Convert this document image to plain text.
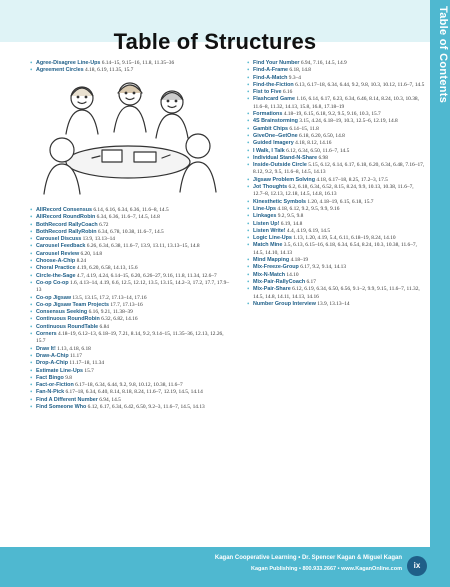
Table of Structures	Table of Contents
• Agree-Disagree Line-Ups 6.14–15, 9.15–16, 11.8, 11.35–36
• Agreement Circles 4.18, 6.19, 11.35, 15.7
• AllRecord Consensus 6.14, 6.16, 6.34, 6.36, 11.6–8, 14.5
• AllRecord RoundRobin 6.34, 6.36, 11.6–7, 14.5, 14.8
• BothRecord RallyCoach 6.72
• BothRecord RallyRobin 6.34, 6.78, 10.38, 11.6–7, 14.5
• Carousel Discuss 13.9, 13.13–14
• Carousel Feedback 6.26, 6.34, 6.38, 11.6–7, 13.9, 13.11, 13.13–15, 14.8
• Carousel Review 6.20, 14.8
• Choose-A-Chip 8.24
• Choral Practice 4.19, 6.20, 6.58, 14.13, 15.6
• Circle-the-Sage 4.7, 4.19, 4.24, 6.14–15, 6.20, 6.26–27, 9.16, 11.8, 11.34, 12.6–7
• Co-op Co-op 1.6, 4.13–14, 4.19, 6.6, 12.5, 12.12, 13.5, 13.15, 14.2–3, 17.2, 17.7, 17.9–13
• Co-op Jigsaw 13.5, 13.15, 17.2, 17.13–14, 17.16
• Co-op Jigsaw Team Projects 17.7, 17.13–16
• Consensus Seeking 6.16, 9.21, 11.38–39
• Continuous RoundRobin 6.32, 6.82, 14.16
• Continuous RoundTable 6.84
• Corners 4.18–19, 6.12–13, 6.18–19, 7.21, 8.14, 9.2, 9.14–15, 11.35–36, 12.13, 12.26, 15.7
• Draw It! 1.13, 4.18, 6.18
• Draw-A-Chip 11.17
• Drop-A-Chip 11.17–18, 11.34
• Estimate Line-Ups 15.7
• Fact Bingo 9.8
• Fact-or-Fiction 6.17–18, 6.34, 6.44, 9.2, 9.8, 10.12, 10.38, 11.6–7
• Fan-N-Pick 6.17–18, 6.34, 6.40, 8.14, 8.18, 8.24, 11.6–7, 12.19, 14.5, 14.14
• Find A Different Number 6.94, 14.5
• Find Someone Who 6.12, 6.17, 6.34, 6.42, 6.50, 9.2–3, 11.6–7, 14.5, 14.13
• Find Your Number 6.94, 7.16, 14.5, 14.9
• Find-A-Frame 6.18, 14.8
• Find-A-Match 9.3–4
• Find-the-Fiction 6.13, 6.17–18, 6.34, 6.44, 9.2, 9.8, 10.3, 10.12, 11.6–7, 14.5
• Fist to Five 6.16
• Flashcard Game 1.16, 6.14, 6.17, 6.23, 6.34, 6.46, 8.14, 8.24, 10.3, 10.38, 11.6–8, 11.32, 14.13, 15.8, 16.8, 17.18–19
• Formations 4.18–19, 6.15, 6.18, 9.2, 9.5, 9.16, 10.3, 15.7
• 4S Brainstorming 3.15, 4.24, 6.18–19, 10.3, 12.5–6, 12.19, 14.8
• Gambit Chips 6.14–15, 11.8
• GiveOne–GetOne 6.18, 6.20, 6.50, 14.8
• Guided Imagery 4.18, 8.12, 14.16
• I Walk, I Talk 6.12, 6.34, 6.50, 11.6–7, 14.5
• Individual Stand-N-Share 6.98
• Inside-Outside Circle 5.15, 6.12, 6.14, 6.17, 6.18, 6.20, 6.34, 6.48, 7.16–17, 8.12, 9.2, 9.5, 11.6–8, 14.5, 14.13
• Jigsaw Problem Solving 4.18, 6.17–18, 8.25, 17.2–3, 17.5
• Jot Thoughts 6.2, 6.18, 6.34, 6.52, 8.15, 8.24, 9.9, 10.13, 10.38, 11.6–7, 12.7–8, 12.13, 12.18, 14.5, 14.8, 16.13
• Kinesthetic Symbols 1.20, 4.18–19, 6.15, 6.18, 15.7
• Line-Ups 4.18, 6.12, 9.2, 9.5, 9.9, 9.16
• Linkages 9.2, 9.5, 9.8
• Listen Up! 6.19, 14.8
• Listen Write! 4.4, 4.19, 6.19, 14.5
• Logic Line-Ups 1.13, 1.20, 4.19, 5.4, 6.11, 6.18–19, 8.24, 14.10
• Match Mine 3.5, 6.13, 6.15–16, 6.18, 6.34, 6.54, 8.24, 10.3, 10.38, 11.6–7, 14.5, 14.10, 14.13
• Mind Mapping 4.18–19
• Mix-Freeze-Group 6.17, 9.2, 9.14, 14.13
• Mix-N-Match 14.10
• Mix-Pair-RallyCoach 6.17
• Mix-Pair-Share 6.12, 6.19, 6.34, 6.50, 6.56, 9.1–2, 9.9, 9.15, 11.6–7, 11.32, 14.5, 14.8, 14.11, 14.13, 14.16
• Number Group Interview 13.9, 13.13–14
Kagan Cooperative Learning • Dr. Spencer Kagan & Miguel Kagan
Kagan Publishing • 800.933.2667 • www.KaganOnline.com	ix
